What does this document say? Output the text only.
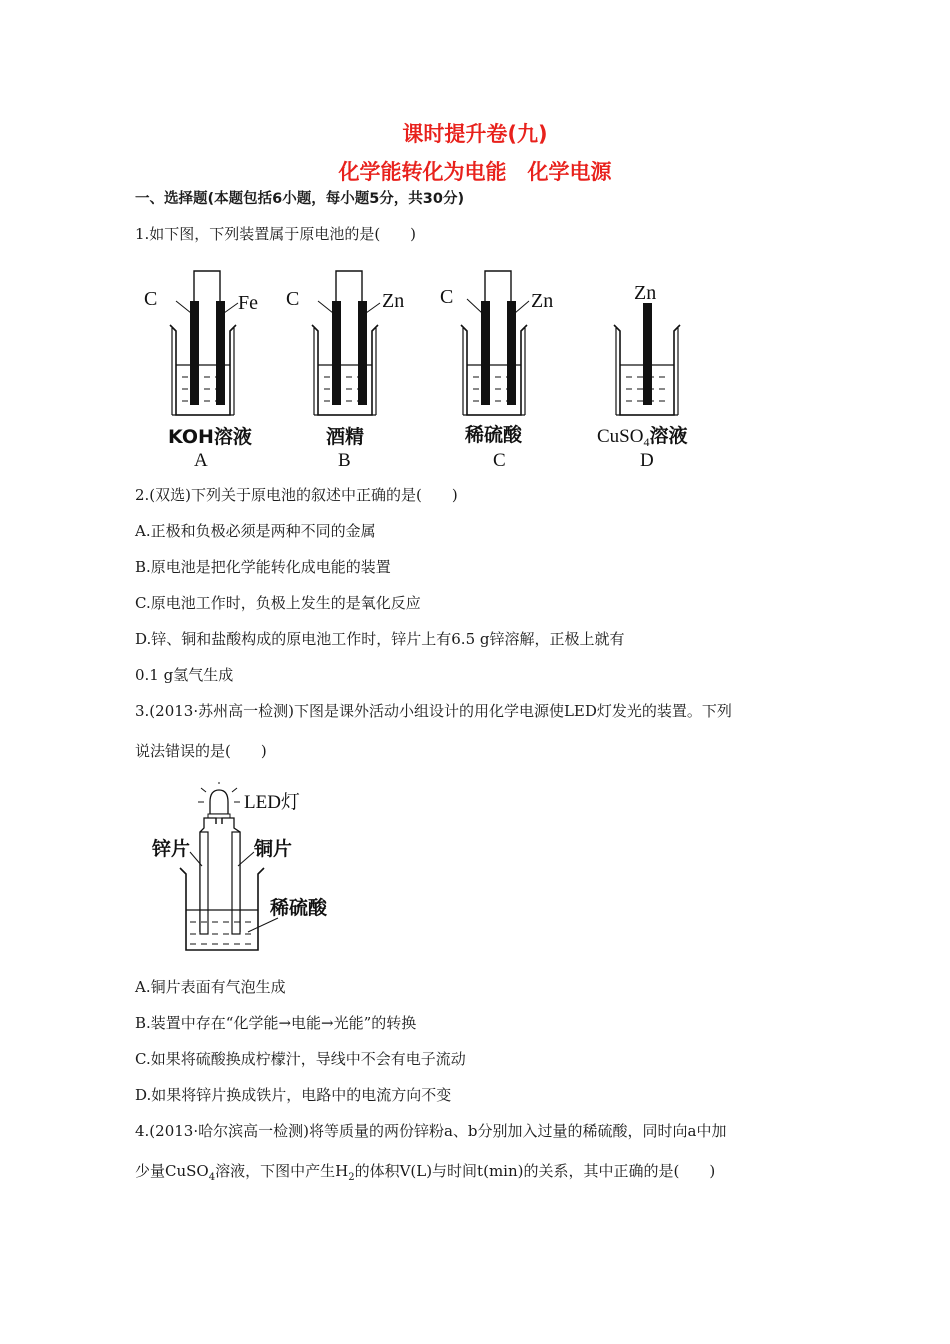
课时提升卷(九)
化学能转化为电能　化学电源
一、选择题(本题包括6小题，每小题5分，共30分)
1.如下图，下列装置属于原电池的是(　　)
C	Fe
KOH溶液
A
C	Zn
酒精
B
C	Zn
稀硫酸
C
Zn
CuSO$_4$溶液
D
2.(双选)下列关于原电池的叙述中正确的是(　　)
A.正极和负极必须是两种不同的金属
B.原电池是把化学能转化成电能的装置
C.原电池工作时，负极上发生的是氧化反应
D.锌、铜和盐酸构成的原电池工作时，锌片上有6.5 g锌溶解，正极上就有
0.1 g氢气生成
3.(2013·苏州高一检测)下图是课外活动小组设计的用化学电源使LED灯发光的装置。下列
说法错误的是(　　)
LED灯
锌片	铜片
稀硫酸
A.铜片表面有气泡生成
B.装置中存在“化学能→电能→光能”的转换
C.如果将硫酸换成柠檬汁，导线中不会有电子流动
D.如果将锌片换成铁片，电路中的电流方向不变
4.(2013·哈尔滨高一检测)将等质量的两份锌粉a、b分别加入过量的稀硫酸，同时向a中加
少量CuSO$_4$溶液，下图中产生$H_2$的体积V(L)与时间t(min)的关系，其中正确的是(　　)
